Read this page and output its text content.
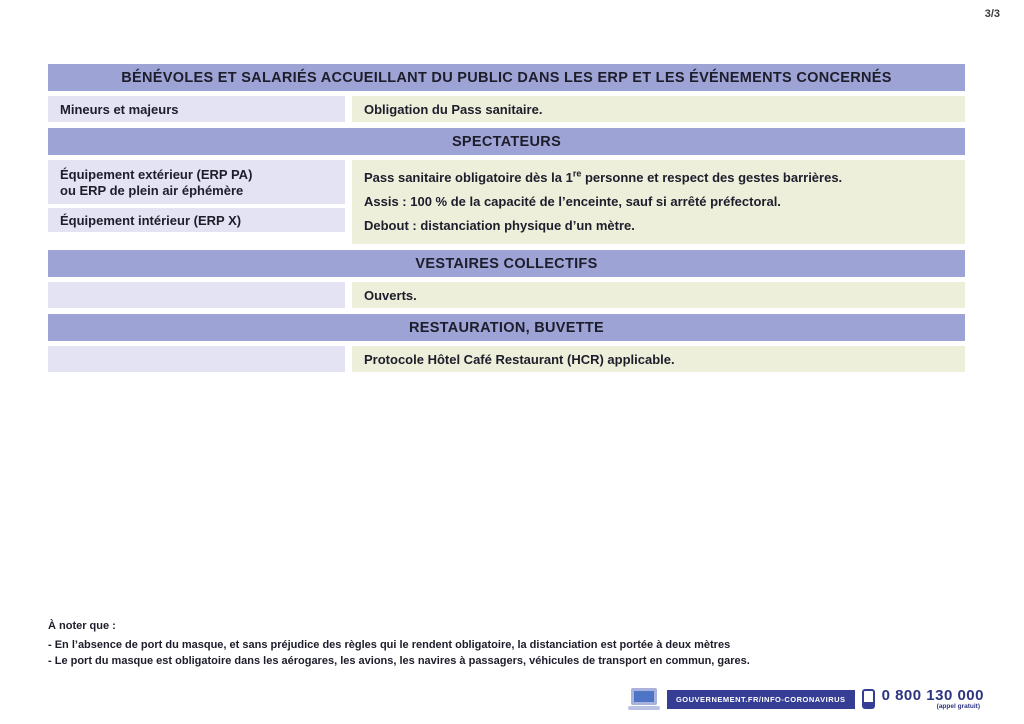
3/3
BÉNÉVOLES ET SALARIÉS ACCUEILLANT DU PUBLIC DANS LES ERP ET LES ÉVÉNEMENTS CONCERNÉS
Mineurs et majeurs	Obligation du Pass sanitaire.
SPECTATEURS
Équipement extérieur (ERP PA)
ou ERP de plein air éphémère
Équipement intérieur (ERP X)

Pass sanitaire obligatoire dès la 1re personne et respect des gestes barrières.

Assis : 100 % de la capacité de l’enceinte, sauf si arrêté préfectoral.

Debout : distanciation physique d’un mètre.

VESTAIRES COLLECTIFS
Ouverts.
RESTAURATION, BUVETTE
Protocole Hôtel Café Restaurant (HCR) applicable.
À noter que :
- En l’absence de port du masque, et sans préjudice des règles qui le rendent obligatoire, la distanciation est portée à deux mètres
- Le port du masque est obligatoire dans les aérogares, les avions, les navires à passagers, véhicules de transport en commun, gares.
GOUVERNEMENT.FR/INFO-CORONAVIRUS	0 800 130 000
(appel gratuit)
